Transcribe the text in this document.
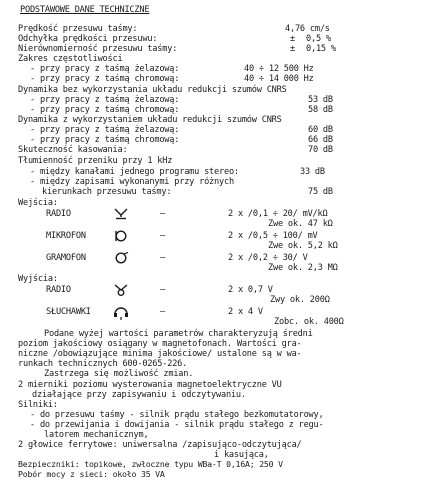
PODSTAWOWE DANE TECHNICZNE
Prędkość przesuwu taśmy:	4,76 cm/s
Odchyłka prędkości przesuwu:	± 0,5 %
Nierównomierność przesuwu taśmy:	± 0,15 %
Zakres częstotliwości
- przy pracy z taśmą żelazową:	40 ÷ 12 500 Hz
- przy pracy z taśmą chromową:	40 ÷ 14 000 Hz
Dynamika bez wykorzystania układu redukcji szumów CNRS
- przy pracy z taśmą żelazową:	53 dB
- przy pracy z taśmą chromową:	58 dB
Dynamika z wykorzystaniem układu redukcji szumów CNRS
- przy pracy z taśmą żelazową:	60 dB
- przy pracy z taśmą chromową:	66 dB
Skuteczność kasowania:	70 dB
Tłumienność przeniku przy 1 kHz
- między kanałami jednego programu stereo:	33 dB
- między zapisami wykonanymi przy różnych
kierunkach przesuwu taśmy:	75 dB
Wejścia:
RADIO	–	2 x /0,1 ÷ 20/ mV/kΩ
Zwe ok. 47 kΩ
MIKROFON	–	2 x /0,5 ÷ 100/ mV
Zwe ok. 5,2 kΩ
GRAMOFON	–	2 x /0,2 ÷ 30/ V
Zwe ok. 2,3 MΩ
Wyjścia:
RADIO	–	2 x 0,7 V
Zwy ok. 200Ω
SŁUCHAWKI	–	2 x 4 V
Zobc. ok. 400Ω
Podane wyżej wartości parametrów charakteryzują średni
poziom jakościowy osiągany w magnetofonach. Wartości gra-
niczne /obowiązujące minima jakościowe/ ustalone są w wa-
runkach technicznych 600-0265-226.
Zastrzega się możliwość zmian.
2 mierniki poziomu wysterowania magnetoelektryczne VU
działające przy zapisywaniu i odczytywaniu.
Silniki:
- do przesuwu taśmy - silnik prądu stałego bezkomutatorowy,
- do przewijania i dowijania - silnik prądu stałego z regu-
latorem mechanicznym,
2 głowice ferrytowe: uniwersalna /zapisująco-odczytująca/
i kasująca,
Bezpieczniki: topikowe, zwłoczne typu WBa-T 0,16A; 250 V
Pobór mocy z sieci: około 35 VA
